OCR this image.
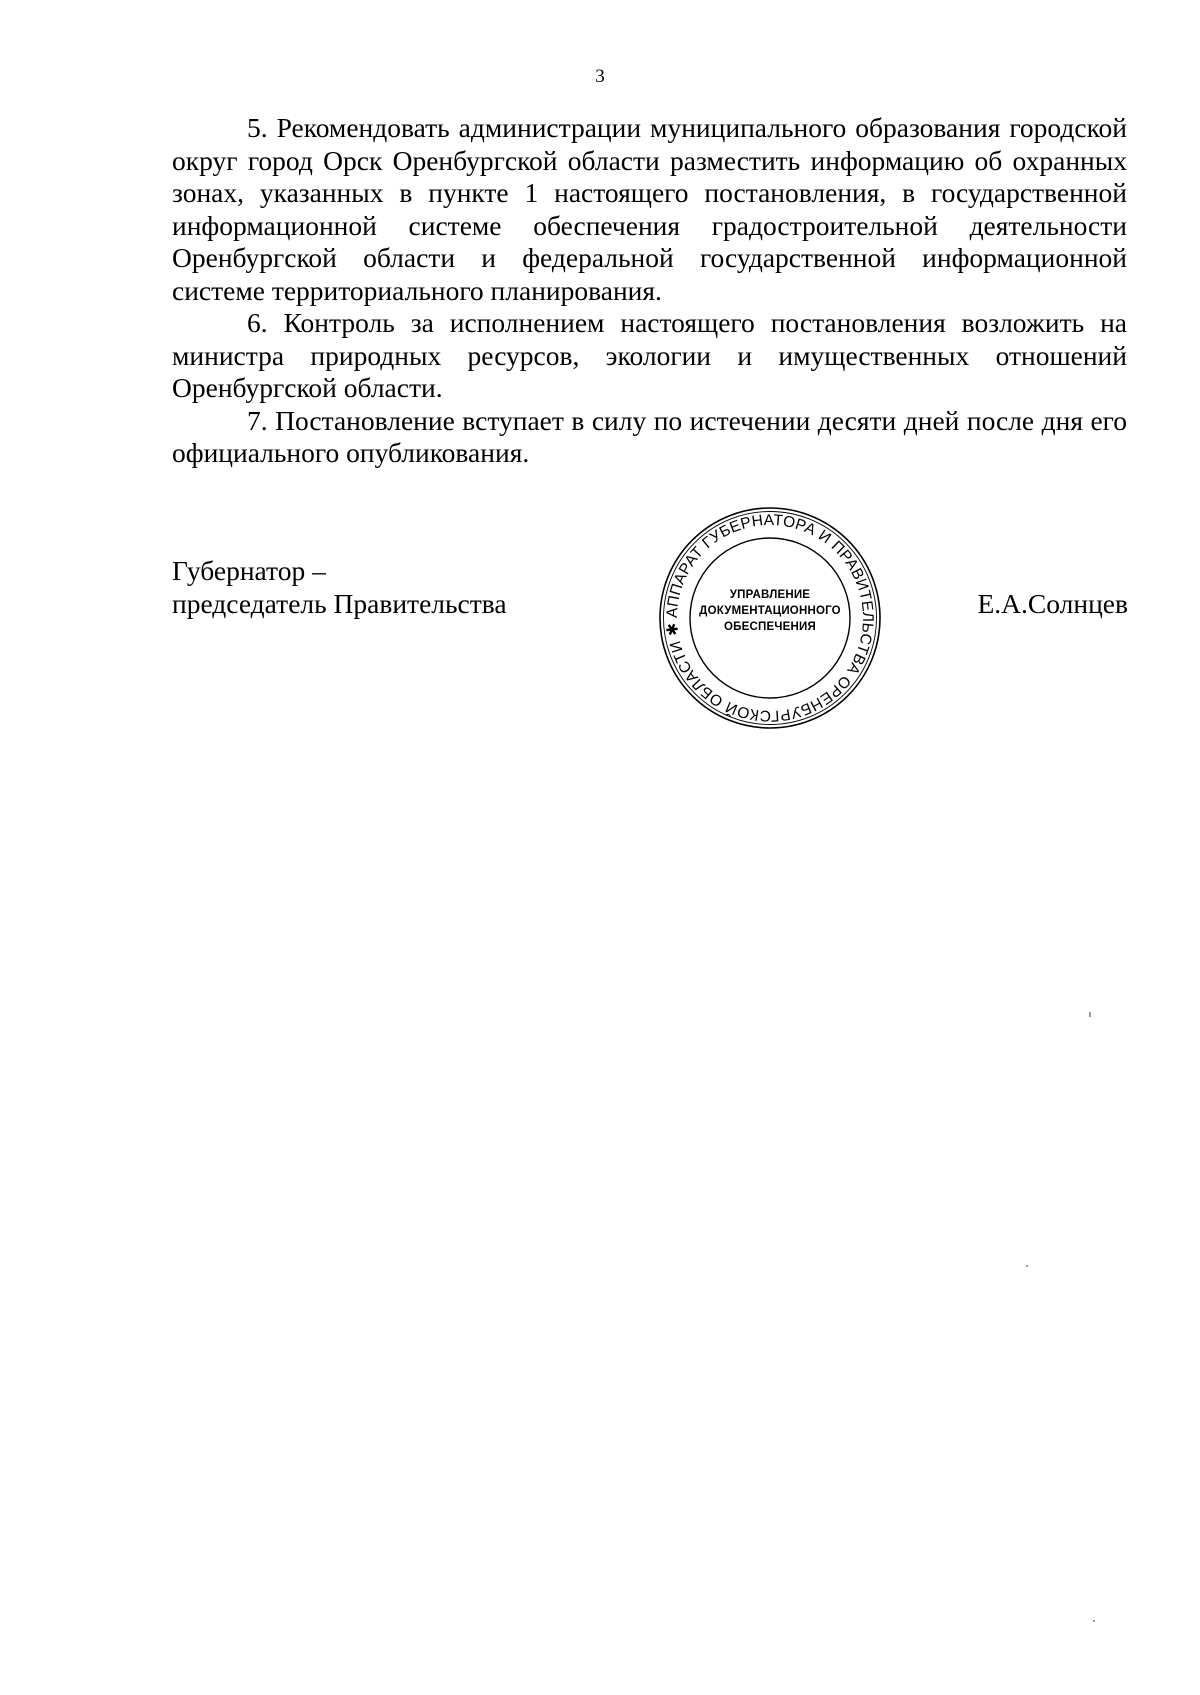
3

5. Рекомендовать администрации муниципального образования городской округ город Орск Оренбургской области разместить информацию об охранных зонах, указанных в пункте 1 настоящего постановления, в государственной информационной системе обеспечения градостроительной деятельности Оренбургской области и федеральной государственной информационной системе территориального планирования.

6. Контроль за исполнением настоящего постановления возложить на министра природных ресурсов, экологии и имущественных отношений Оренбургской области.

7. Постановление вступает в силу по истечении десяти дней после дня его официального опубликования.

Губернатор –
председатель Правительства	АППАРАТ ГУБЕРНАТОРА И ПРАВИТЕЛЬСТВА ОРЕНБУРГСКОЙ ОБЛАСТИ ✱
УПРАВЛЕНИЕ
ДОКУМЕНТАЦИОННОГО
ОБЕСПЕЧЕНИЯ
Е.А.Солнцев
